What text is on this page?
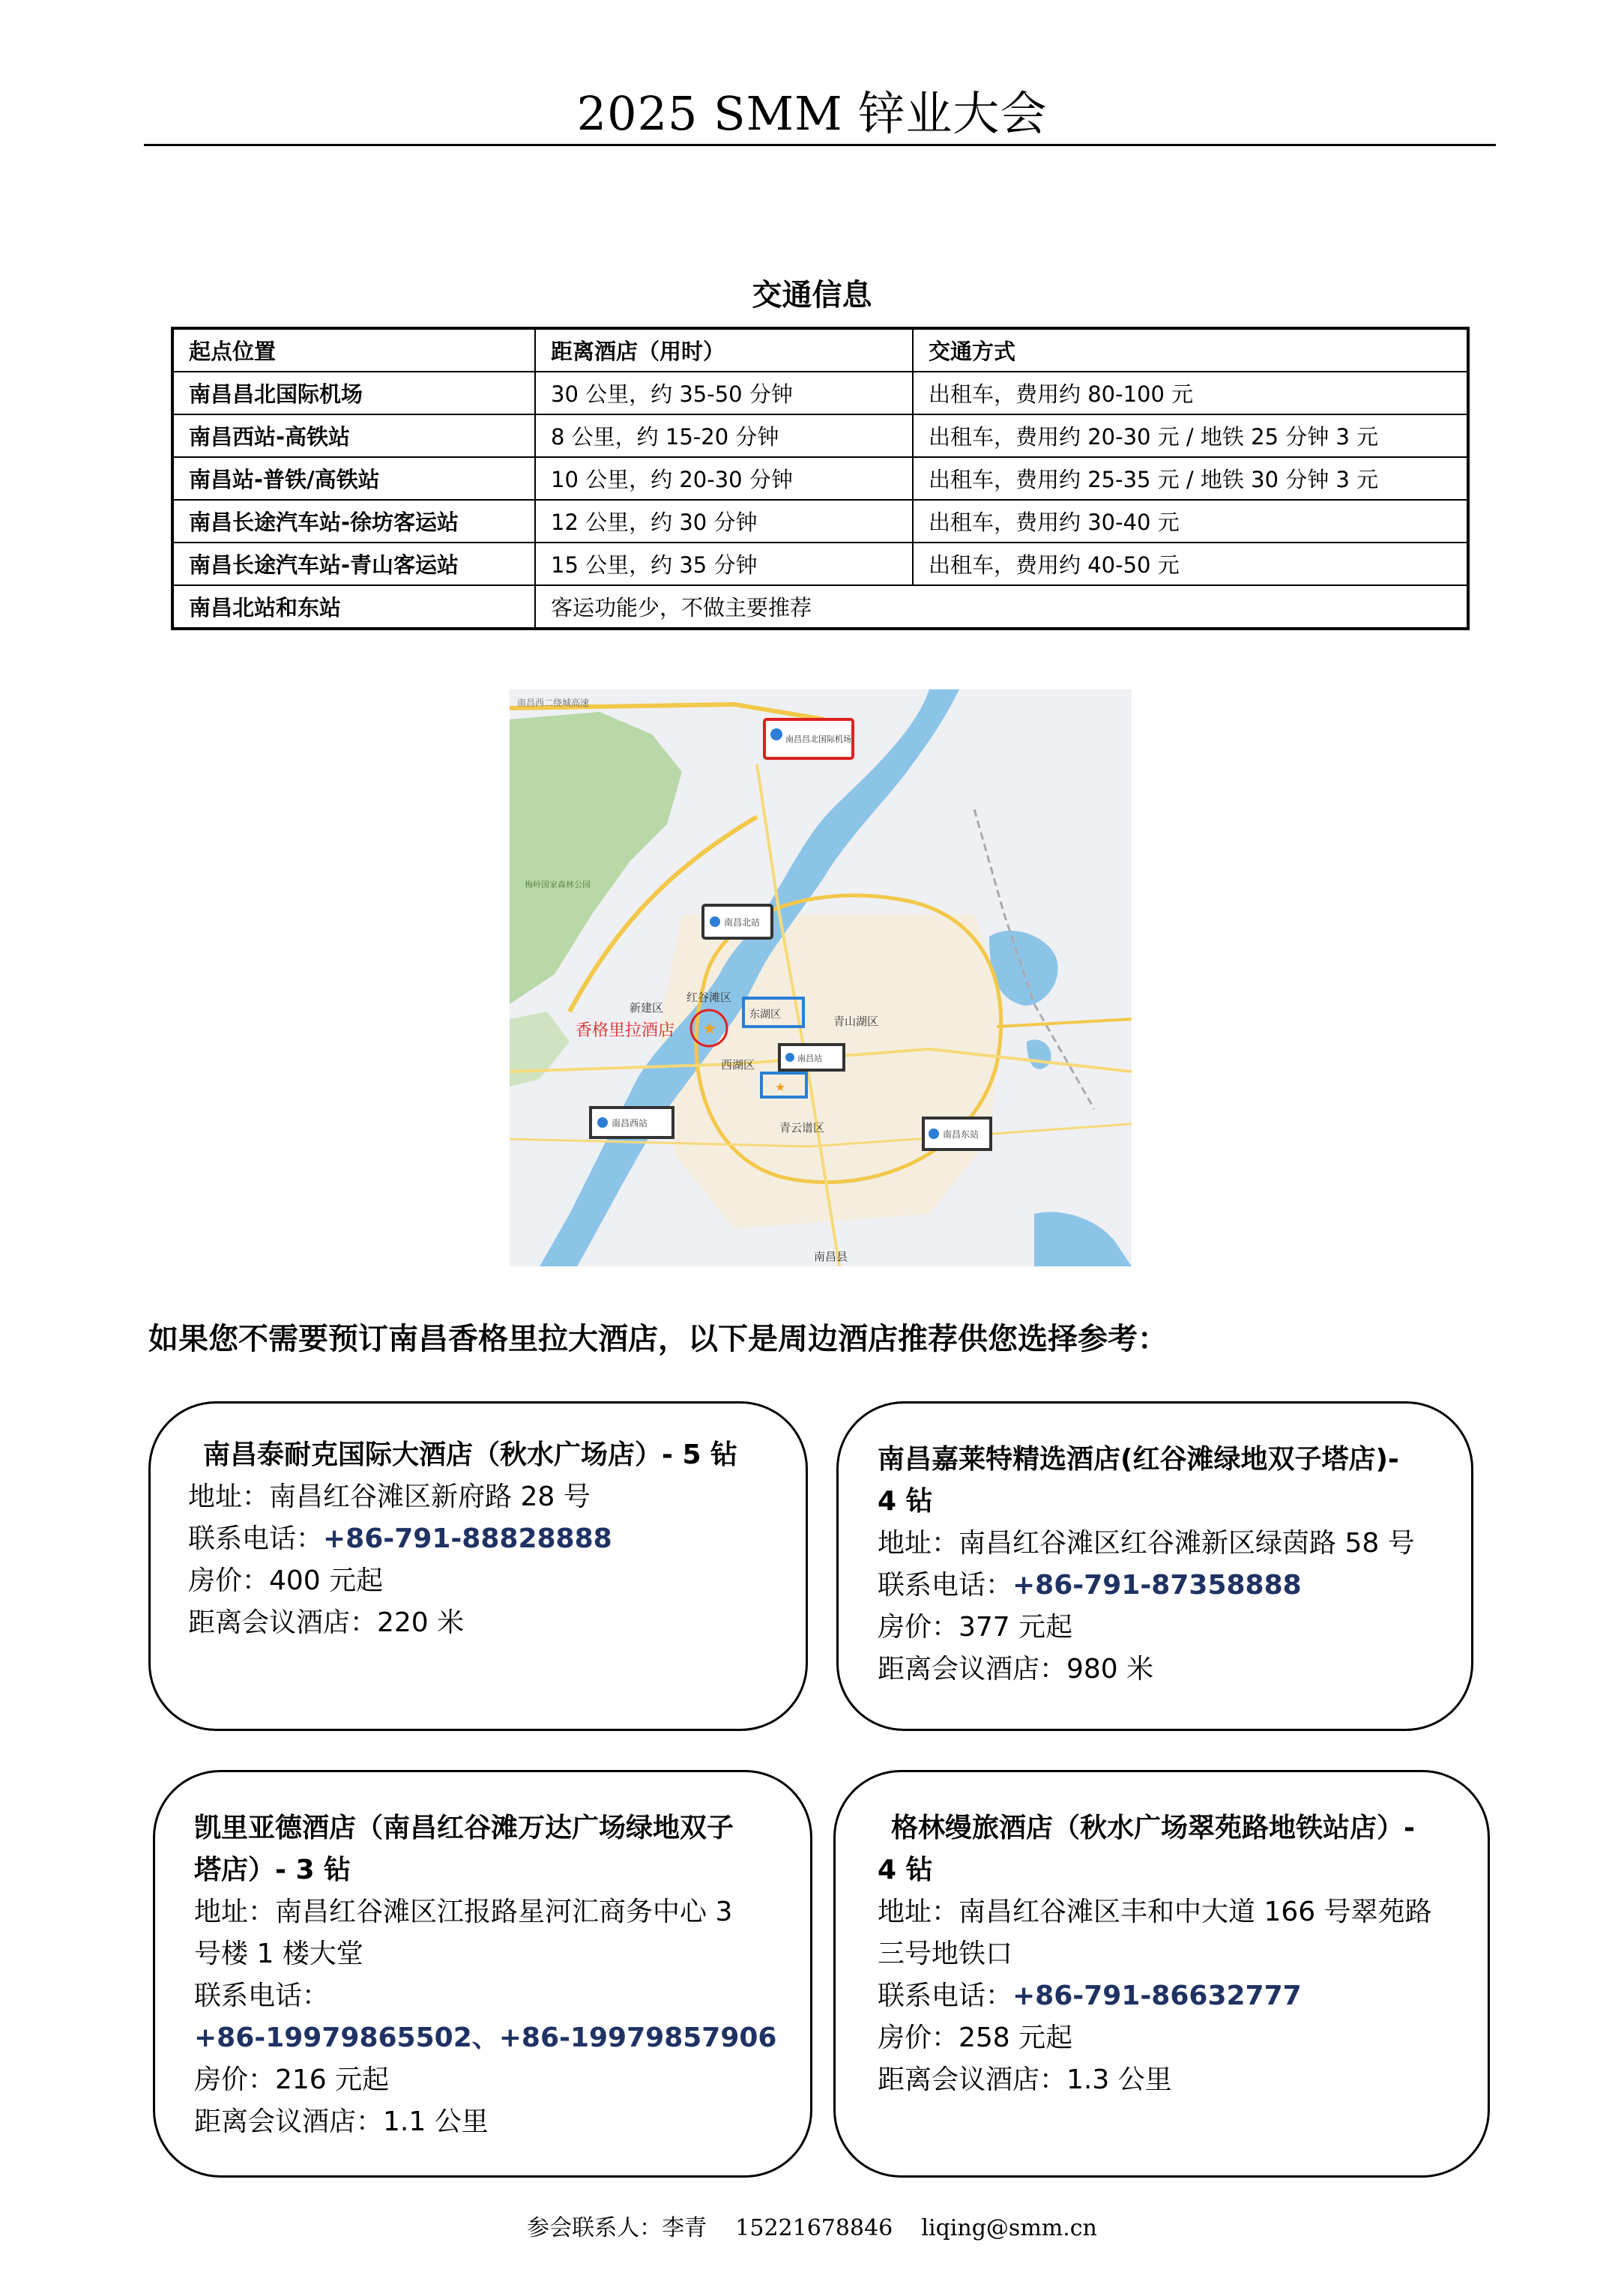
2025 SMM 锌业大会
交通信息
起点位置	距离酒店（用时）	交通方式
南昌昌北国际机场	30 公里，约 35-50 分钟	出租车，费用约 80-100 元
南昌西站-高铁站	8 公里，约 15-20 分钟	出租车，费用约 20-30 元 / 地铁 25 分钟 3 元
南昌站-普铁/高铁站	10 公里，约 20-30 分钟	出租车，费用约 25-35 元 / 地铁 30 分钟 3 元
南昌长途汽车站-徐坊客运站	12 公里，约 30 分钟	出租车，费用约 30-40 元
南昌长途汽车站-青山客运站	15 公里，约 35 分钟	出租车，费用约 40-50 元
南昌北站和东站	客运功能少，不做主要推荐	
南昌昌北国际机场
南昌北站
★
香格里拉酒店
东湖区
★
南昌站
南昌西站
南昌东站
红谷滩区
新建区
西湖区
青山湖区
青云谱区
南昌县
梅岭国家森林公园
南昌西二绕城高速
如果您不需要预订南昌香格里拉大酒店，以下是周边酒店推荐供您选择参考：
南昌泰耐克国际大酒店（秋水广场店）- 5 钻
地址：南昌红谷滩区新府路 28 号
联系电话：+86-791-88828888
房价：400 元起
距离会议酒店：220 米
南昌嘉莱特精选酒店(红谷滩绿地双子塔店)-
4 钻
地址：南昌红谷滩区红谷滩新区绿茵路 58 号
联系电话：+86-791-87358888
房价：377 元起
距离会议酒店：980 米
凯里亚德酒店（南昌红谷滩万达广场绿地双子
塔店）- 3 钻
地址：南昌红谷滩区江报路星河汇商务中心 3
号楼 1 楼大堂
联系电话：
+86-19979865502、+86-19979857906
房价：216 元起
距离会议酒店：1.1 公里
格林缦旅酒店（秋水广场翠苑路地铁站店）-
4 钻
地址：南昌红谷滩区丰和中大道 166 号翠苑路
三号地铁口
联系电话：+86-791-86632777
房价：258 元起
距离会议酒店：1.3 公里
参会联系人：李青 15221678846 liqing@smm.cn
